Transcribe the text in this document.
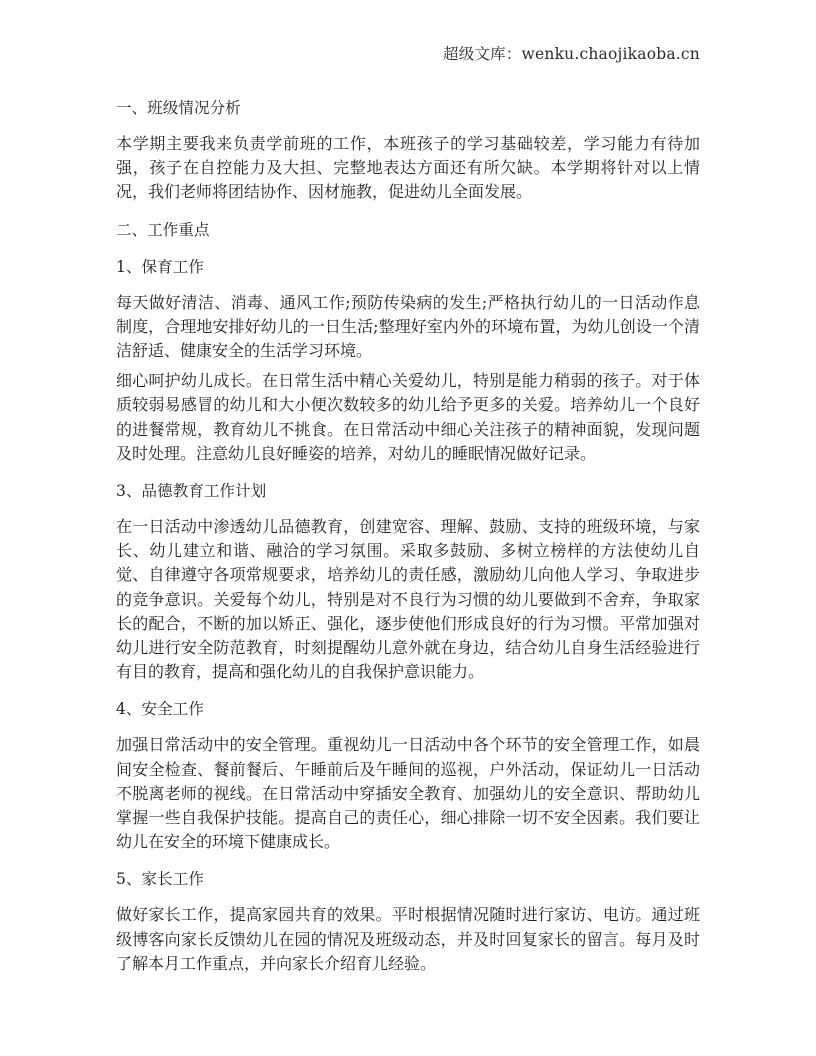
超级文库：wenku.chaojikaoba.cn

一、班级情况分析

本学期主要我来负责学前班的工作，本班孩子的学习基础较差，学习能力有待加强，孩子在自控能力及大担、完整地表达方面还有所欠缺。本学期将针对以上情况，我们老师将团结协作、因材施教，促进幼儿全面发展。

二、工作重点

1、保育工作

每天做好清洁、消毒、通风工作;预防传染病的发生;严格执行幼儿的一日活动作息制度，合理地安排好幼儿的一日生活;整理好室内外的环境布置，为幼儿创设一个清洁舒适、健康安全的生活学习环境。

细心呵护幼儿成长。在日常生活中精心关爱幼儿，特别是能力稍弱的孩子。对于体质较弱易感冒的幼儿和大小便次数较多的幼儿给予更多的关爱。培养幼儿一个良好的进餐常规，教育幼儿不挑食。在日常活动中细心关注孩子的精神面貌，发现问题及时处理。注意幼儿良好睡姿的培养，对幼儿的睡眠情况做好记录。

3、品德教育工作计划

在一日活动中渗透幼儿品德教育，创建宽容、理解、鼓励、支持的班级环境，与家长、幼儿建立和谐、融洽的学习氛围。采取多鼓励、多树立榜样的方法使幼儿自觉、自律遵守各项常规要求，培养幼儿的责任感，激励幼儿向他人学习、争取进步的竞争意识。关爱每个幼儿，特别是对不良行为习惯的幼儿要做到不舍弃，争取家长的配合，不断的加以矫正、强化，逐步使他们形成良好的行为习惯。平常加强对幼儿进行安全防范教育，时刻提醒幼儿意外就在身边，结合幼儿自身生活经验进行有目的教育，提高和强化幼儿的自我保护意识能力。

4、安全工作

加强日常活动中的安全管理。重视幼儿一日活动中各个环节的安全管理工作，如晨间安全检查、餐前餐后、午睡前后及午睡间的巡视，户外活动，保证幼儿一日活动不脱离老师的视线。在日常活动中穿插安全教育、加强幼儿的安全意识、帮助幼儿掌握一些自我保护技能。提高自己的责任心，细心排除一切不安全因素。我们要让幼儿在安全的环境下健康成长。

5、家长工作

做好家长工作，提高家园共育的效果。平时根据情况随时进行家访、电访。通过班级博客向家长反馈幼儿在园的情况及班级动态，并及时回复家长的留言。每月及时了解本月工作重点，并向家长介绍育儿经验。
